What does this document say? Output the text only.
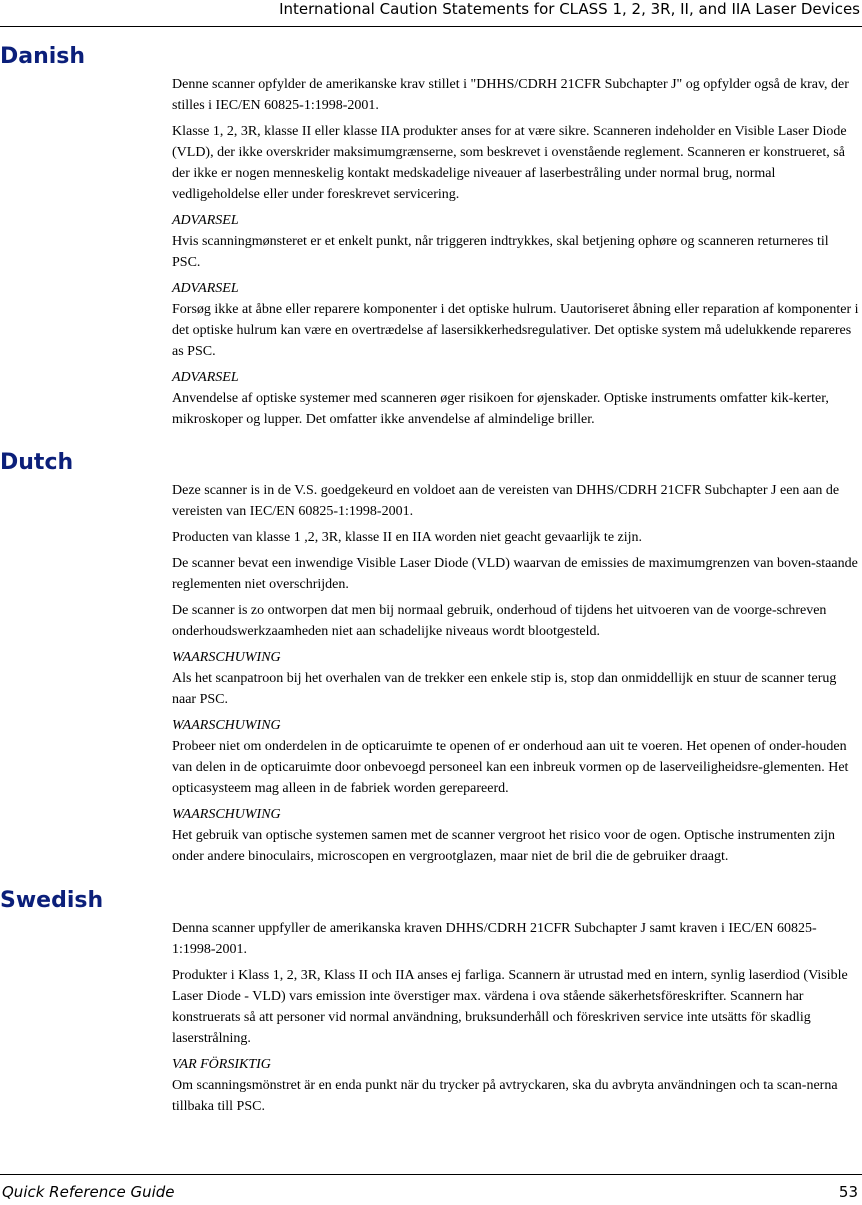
International Caution Statements for CLASS 1, 2, 3R, II, and IIA Laser Devices
Danish

Denne scanner opfylder de amerikanske krav stillet i "DHHS/CDRH 21CFR Subchapter J" og opfylder også de krav, der stilles i IEC/EN 60825-1:1998-2001.

Klasse 1, 2, 3R, klasse II eller klasse IIA produkter anses for at være sikre. Scanneren indeholder en Visible Laser Diode (VLD), der ikke overskrider maksimumgrænserne, som beskrevet i ovenstående reglement. Scanneren er konstrueret, så der ikke er nogen menneskelig kontakt medskadelige niveauer af laserbestråling under normal brug, normal vedligeholdelse eller under foreskrevet servicering.

ADVARSEL
Hvis scanningmønsteret er et enkelt punkt, når triggeren indtrykkes, skal betjening ophøre og scanneren returneres til PSC.

ADVARSEL
Forsøg ikke at åbne eller reparere komponenter i det optiske hulrum. Uautoriseret åbning eller reparation af komponenter i det optiske hulrum kan være en overtrædelse af lasersikkerhedsregulativer. Det optiske system må udelukkende repareres as PSC.

ADVARSEL
Anvendelse af optiske systemer med scanneren øger risikoen for øjenskader. Optiske instruments omfatter kik-kerter, mikroskoper og lupper. Det omfatter ikke anvendelse af almindelige briller.

Dutch

Deze scanner is in de V.S. goedgekeurd en voldoet aan de vereisten van DHHS/CDRH 21CFR Subchapter J een aan de vereisten van IEC/EN 60825-1:1998-2001.

Producten van klasse 1 ,2, 3R, klasse II en IIA worden niet geacht gevaarlijk te zijn.

De scanner bevat een inwendige Visible Laser Diode (VLD) waarvan de emissies de maximumgrenzen van boven-staande reglementen niet overschrijden.

De scanner is zo ontworpen dat men bij normaal gebruik, onderhoud of tijdens het uitvoeren van de voorge-schreven onderhoudswerkzaamheden niet aan schadelijke niveaus wordt blootgesteld.

WAARSCHUWING
Als het scanpatroon bij het overhalen van de trekker een enkele stip is, stop dan onmiddellijk en stuur de scanner terug naar PSC.

WAARSCHUWING
Probeer niet om onderdelen in de opticaruimte te openen of er onderhoud aan uit te voeren. Het openen of onder-houden van delen in de opticaruimte door onbevoegd personeel kan een inbreuk vormen op de laserveiligheidsre-glementen. Het opticasysteem mag alleen in de fabriek worden gerepareerd.

WAARSCHUWING
Het gebruik van optische systemen samen met de scanner vergroot het risico voor de ogen. Optische instrumenten zijn onder andere binoculairs, microscopen en vergrootglazen, maar niet de bril die de gebruiker draagt.

Swedish

Denna scanner uppfyller de amerikanska kraven DHHS/CDRH 21CFR Subchapter J samt kraven i IEC/EN 60825-1:1998-2001.

Produkter i Klass 1, 2, 3R, Klass II och IIA anses ej farliga. Scannern är utrustad med en intern, synlig laserdiod (Visible Laser Diode - VLD) vars emission inte överstiger max. värdena i ova stående säkerhetsföreskrifter. Scannern har konstruerats så att personer vid normal användning, bruksunderhåll och föreskriven service inte utsätts för skadlig laserstrålning.

VAR FÖRSIKTIG
Om scanningsmönstret är en enda punkt när du trycker på avtryckaren, ska du avbryta användningen och ta scan-nerna tillbaka till PSC.

Quick Reference Guide	53
